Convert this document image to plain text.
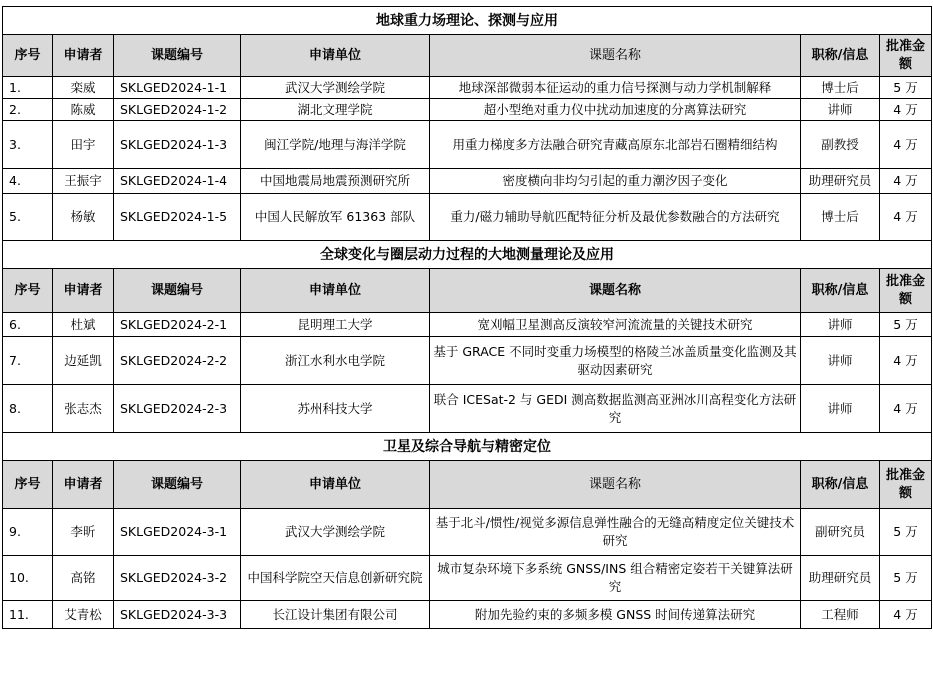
地球重力场理论、探测与应用						
序号	申请者	课题编号	申请单位	课题名称	职称/信息	批准金额
1.	栾威	SKLGED2024-1-1	武汉大学测绘学院	地球深部微弱本征运动的重力信号探测与动力学机制解释	博士后	5 万
2.	陈威	SKLGED2024-1-2	湖北文理学院	超小型绝对重力仪中扰动加速度的分离算法研究	讲师	4 万
3.	田宇	SKLGED2024-1-3	闽江学院/地理与海洋学院	用重力梯度多方法融合研究青藏高原东北部岩石圈精细结构	副教授	4 万
4.	王振宇	SKLGED2024-1-4	中国地震局地震预测研究所	密度横向非均匀引起的重力潮汐因子变化	助理研究员	4 万
5.	杨敏	SKLGED2024-1-5	中国人民解放军 61363 部队	重力/磁力辅助导航匹配特征分析及最优参数融合的方法研究	博士后	4 万
全球变化与圈层动力过程的大地测量理论及应用						
序号	申请者	课题编号	申请单位	课题名称	职称/信息	批准金额
6.	杜斌	SKLGED2024-2-1	昆明理工大学	宽刈幅卫星测高反演较窄河流流量的关键技术研究	讲师	5 万
7.	边延凯	SKLGED2024-2-2	浙江水利水电学院	基于 GRACE 不同时变重力场模型的格陵兰冰盖质量变化监测及其驱动因素研究	讲师	4 万
8.	张志杰	SKLGED2024-2-3	苏州科技大学	联合 ICESat-2 与 GEDI 测高数据监测高亚洲冰川高程变化方法研究	讲师	4 万
卫星及综合导航与精密定位						
序号	申请者	课题编号	申请单位	课题名称	职称/信息	批准金额
9.	李昕	SKLGED2024-3-1	武汉大学测绘学院	基于北斗/惯性/视觉多源信息弹性融合的无缝高精度定位关键技术研究	副研究员	5 万
10.	高铭	SKLGED2024-3-2	中国科学院空天信息创新研究院	城市复杂环境下多系统 GNSS/INS 组合精密定姿若干关键算法研究	助理研究员	5 万
11.	艾青松	SKLGED2024-3-3	长江设计集团有限公司	附加先验约束的多频多模 GNSS 时间传递算法研究	工程师	4 万
